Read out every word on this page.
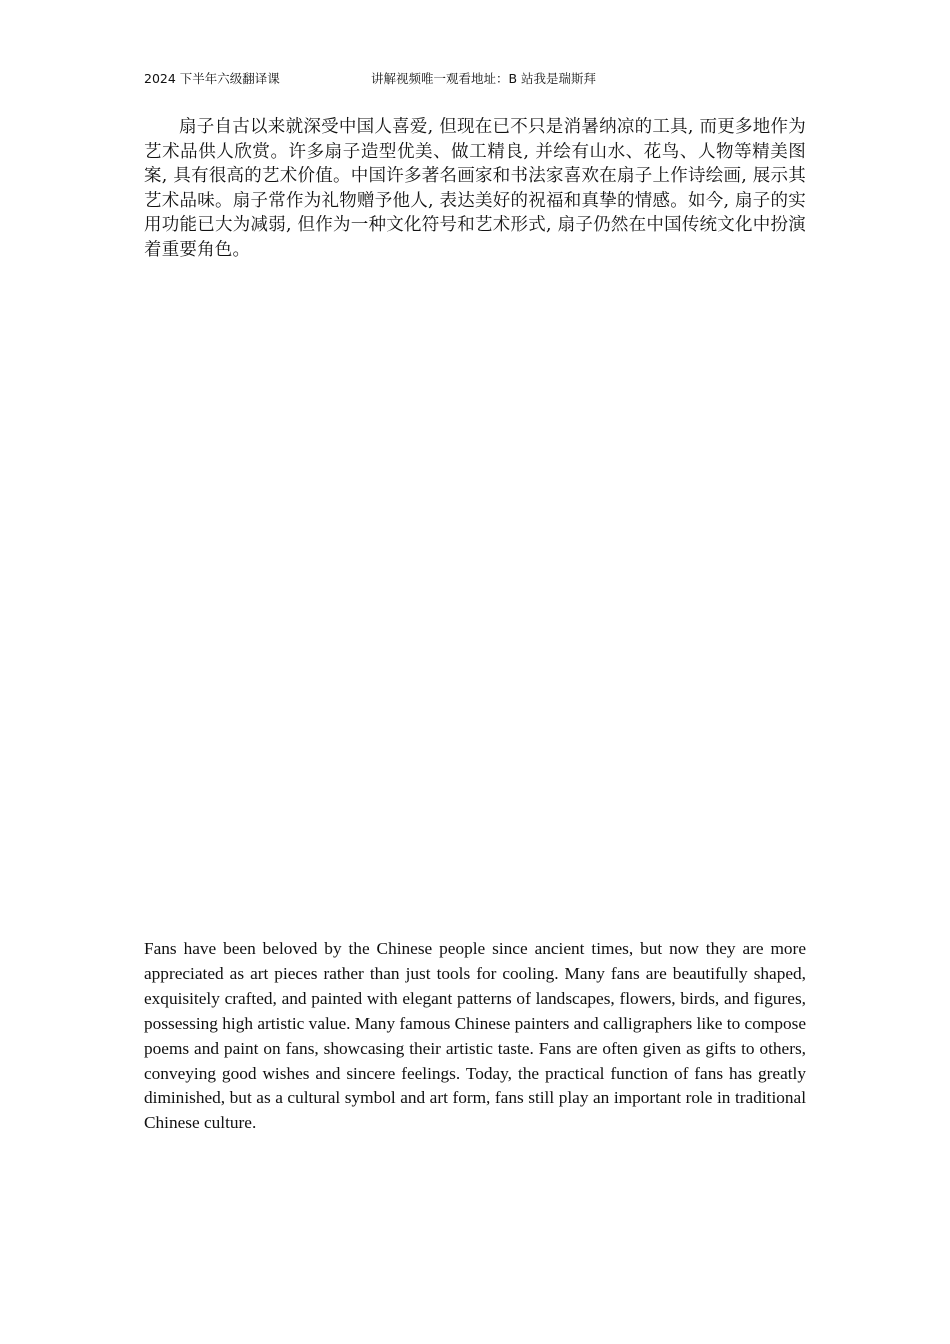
2024 下半年六级翻译课	讲解视频唯一观看地址：B 站我是瑞斯拜

扇子自古以来就深受中国人喜爱, 但现在已不只是消暑纳凉的工具, 而更多地作为艺术品供人欣赏。许多扇子造型优美、做工精良, 并绘有山水、花鸟、人物等精美图案, 具有很高的艺术价值。中国许多著名画家和书法家喜欢在扇子上作诗绘画, 展示其艺术品味。扇子常作为礼物赠予他人, 表达美好的祝福和真挚的情感。如今, 扇子的实用功能已大为减弱, 但作为一种文化符号和艺术形式, 扇子仍然在中国传统文化中扮演着重要角色。

Fans have been beloved by the Chinese people since ancient times, but now they are more appreciated as art pieces rather than just tools for cooling. Many fans are beautifully shaped, exquisitely crafted, and painted with elegant patterns of landscapes, flowers, birds, and figures, possessing high artistic value. Many famous Chinese painters and calligraphers like to compose poems and paint on fans, showcasing their artistic taste. Fans are often given as gifts to others, conveying good wishes and sincere feelings. Today, the practical function of fans has greatly diminished, but as a cultural symbol and art form, fans still play an important role in traditional Chinese culture.
